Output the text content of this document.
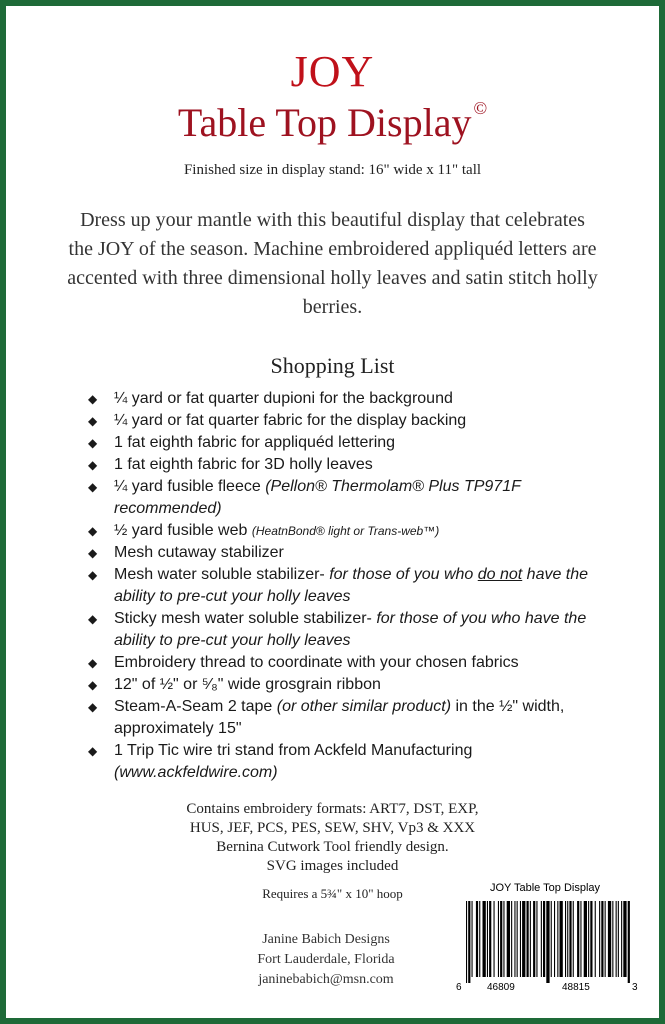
JOY
Table Top Display ©
Finished size in display stand: 16" wide x 11" tall
Dress up your mantle with this beautiful display that celebrates the JOY of the season. Machine embroidered appliquéd letters are accented with three dimensional holly leaves and satin stitch holly berries.
Shopping List
◆ ¼ yard or fat quarter dupioni for the background
◆ ¼ yard or fat quarter fabric for the display backing
◆ 1 fat eighth fabric for appliquéd lettering
◆ 1 fat eighth fabric for 3D holly leaves
◆ ¼ yard fusible fleece (Pellon® Thermolam® Plus TP971F recommended)
◆ ½ yard fusible web (HeatnBond® light or Trans-web™)
◆ Mesh cutaway stabilizer
◆ Mesh water soluble stabilizer- for those of you who do not have the ability to pre-cut your holly leaves
◆ Sticky mesh water soluble stabilizer- for those of you who have the ability to pre-cut your holly leaves
◆ Embroidery thread to coordinate with your chosen fabrics
◆ 12" of ½" or ⁵⁄₈" wide grosgrain ribbon
◆ Steam-A-Seam 2 tape (or other similar product) in the ½" width, approximately 15"
◆ 1 Trip Tic wire tri stand from Ackfeld Manufacturing (www.ackfeldwire.com)
Contains embroidery formats: ART7, DST, EXP,
HUS, JEF, PCS, PES, SEW, SHV, Vp3 & XXX
Bernina Cutwork Tool friendly design.
SVG images included
Requires a 5¾" x 10" hoop
Janine Babich Designs
Fort Lauderdale, Florida
janinebabich@msn.com
JOY Table Top Display
6	46809	48815	3
